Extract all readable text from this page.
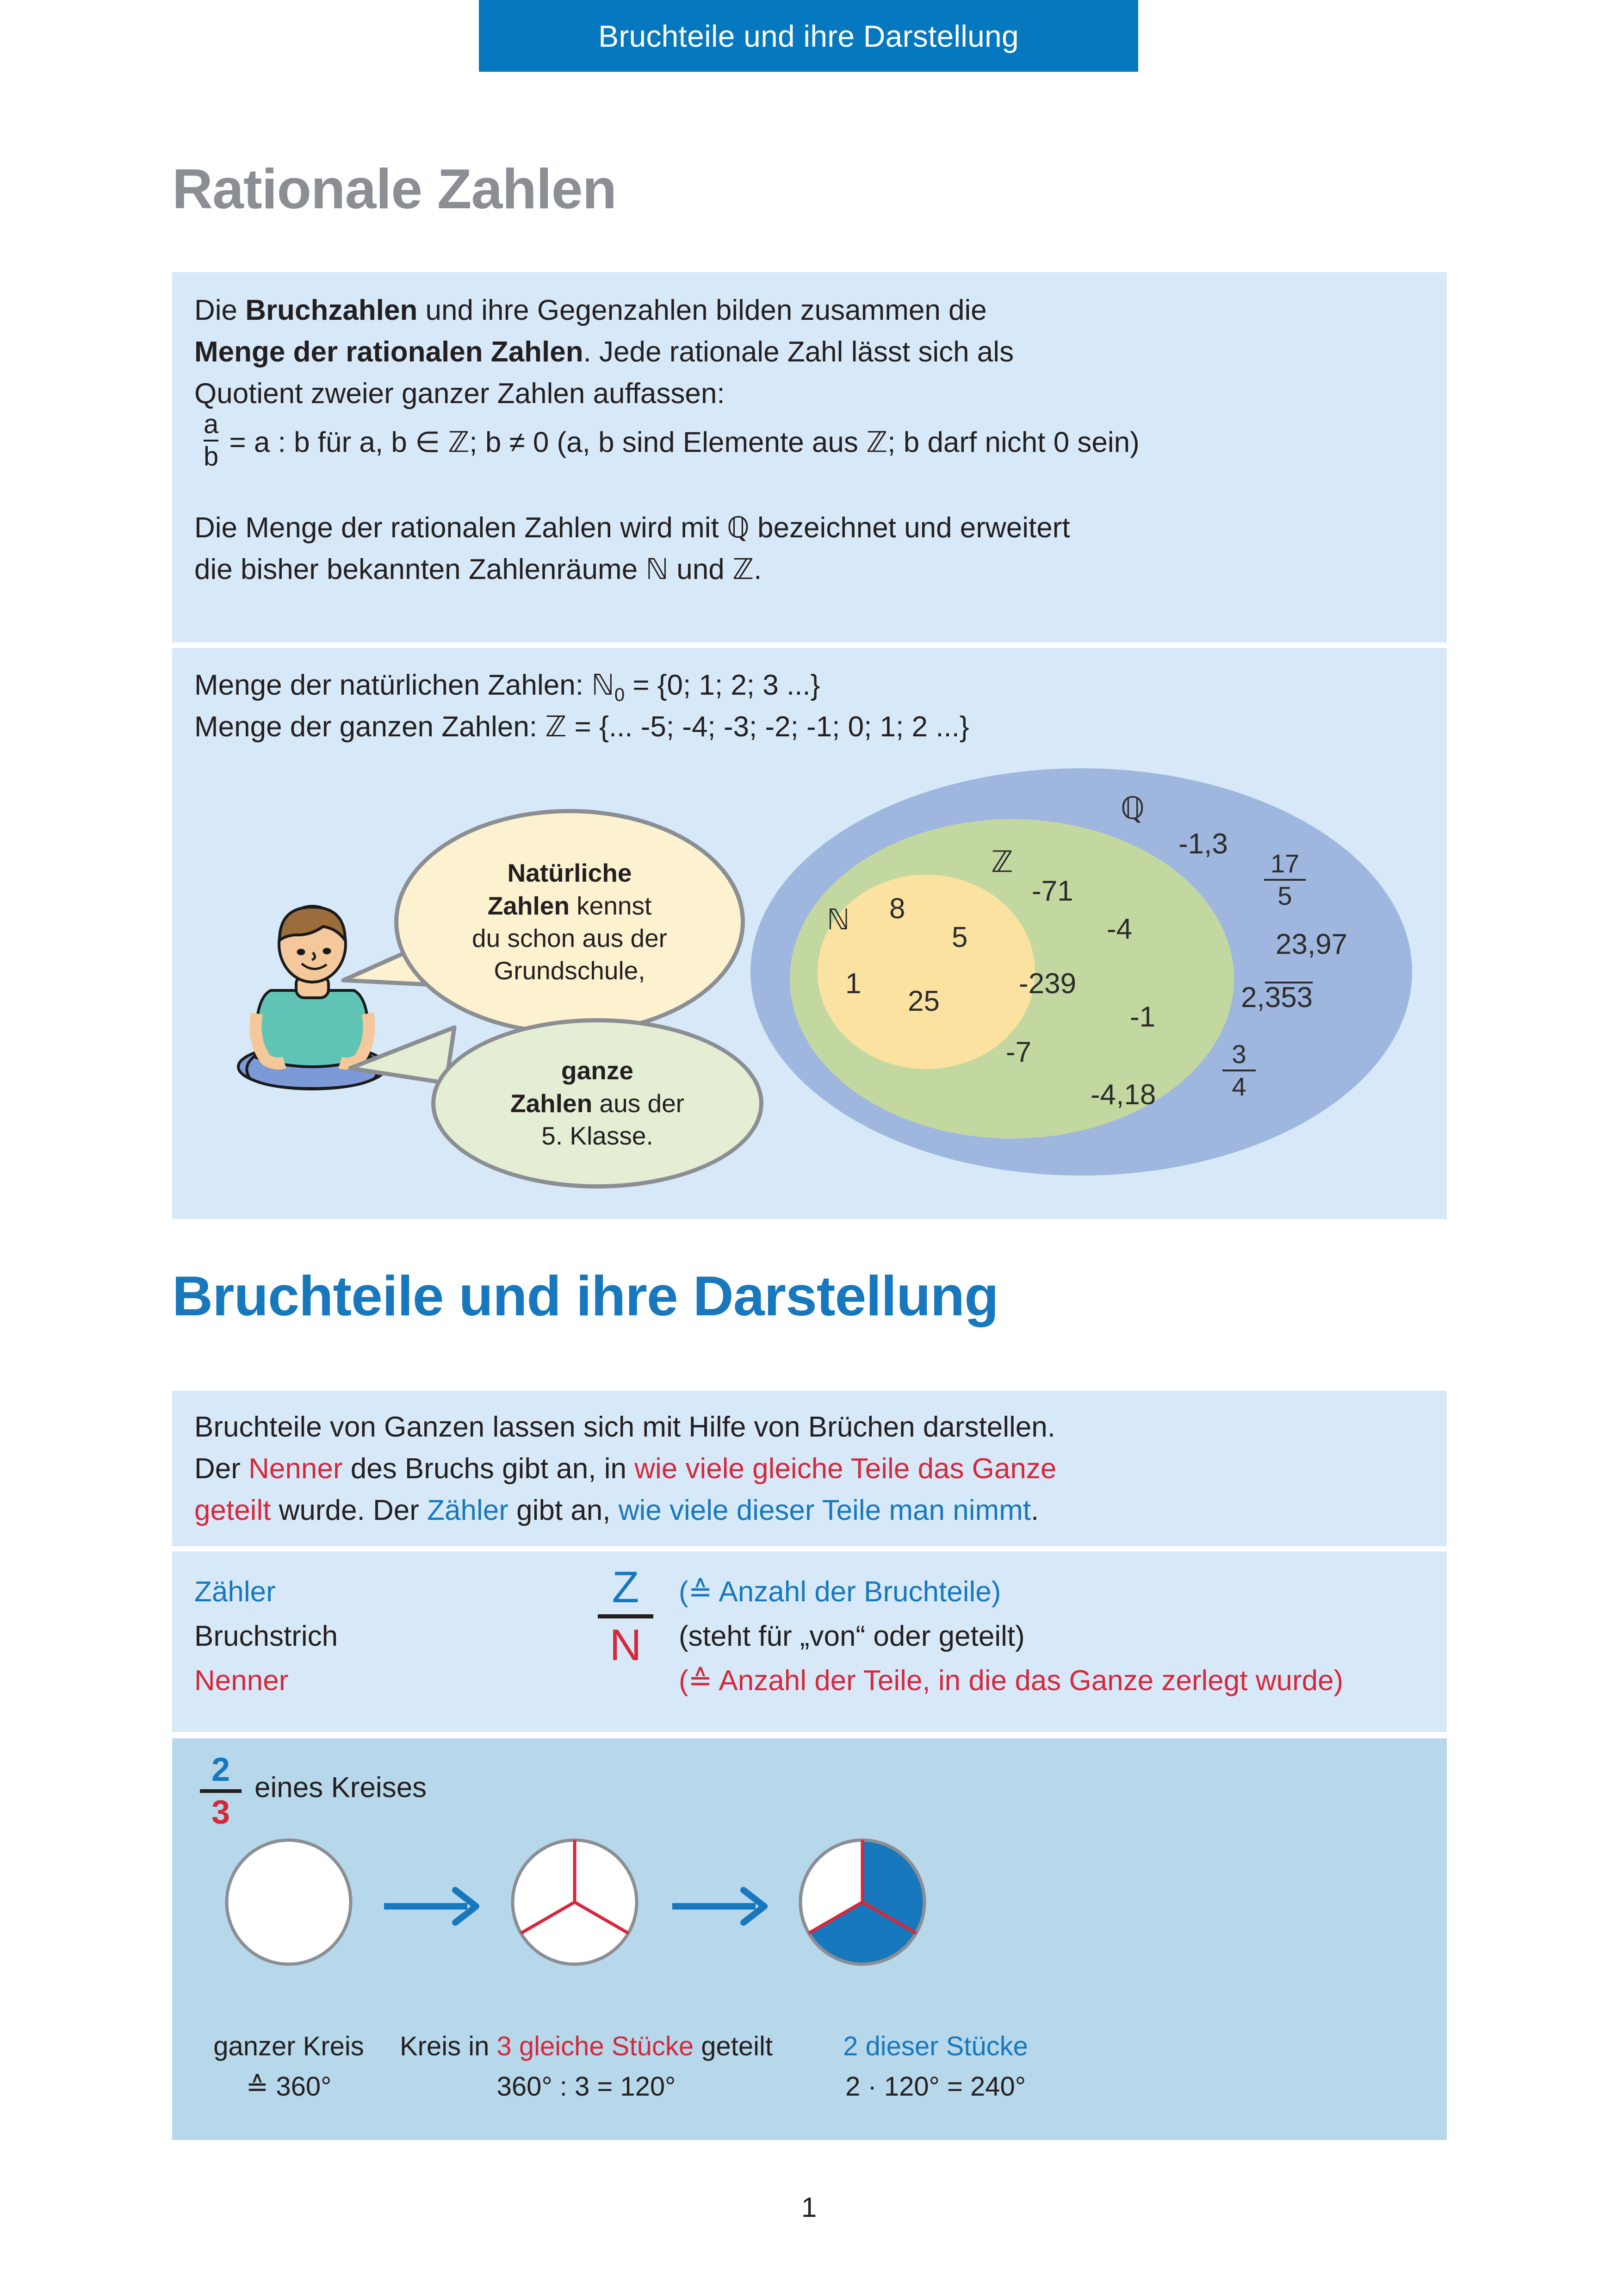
Bruchteile und ihre Darstellung
Rationale Zahlen
Die Bruchzahlen und ihre Gegenzahlen bilden zusammen die
Menge der rationalen Zahlen. Jede rationale Zahl lässt sich als
Quotient zweier ganzer Zahlen auffassen:
$\frac{a}{b} = a$ : b für a, b ∈ ℤ; b ≠ 0 (a, b sind Elemente aus ℤ; b darf nicht 0 sein)
Die Menge der rationalen Zahlen wird mit ℚ bezeichnet und erweitert
die bisher bekannten Zahlenräume ℕ und ℤ.
Menge der natürlichen Zahlen: ℕ$_0$ = {0; 1; 2; 3 ...}
Menge der ganzen Zahlen: ℤ = {... -5; -4; -3; -2; -1; 0; 1; 2 ...}
ℚ
ℤ
ℕ 8
5
1
25
-71
-4
-239
-1
-7
-1,3
23,97
-4,18
17
5
3
4
2,353
Natürliche
Zahlen kennst
du schon aus der
Grundschule,
ganze
Zahlen aus der
5. Klasse.
Bruchteile und ihre Darstellung
Bruchteile von Ganzen lassen sich mit Hilfe von Brüchen darstellen.
Der Nenner des Bruchs gibt an, in wie viele gleiche Teile das Ganze
geteilt wurde. Der Zähler gibt an, wie viele dieser Teile man nimmt.
Zähler
Bruchstrich
Nenner
Z
N
(≙ Anzahl der Bruchteile)
(steht für „von“ oder geteilt)
(≙ Anzahl der Teile, in die das Ganze zerlegt wurde)
2
3
eines Kreises
ganzer Kreis
≙ 360°
Kreis in 3 gleiche Stücke geteilt
360° : 3 = 120°
2 dieser Stücke
2 · 120° = 240°
1
